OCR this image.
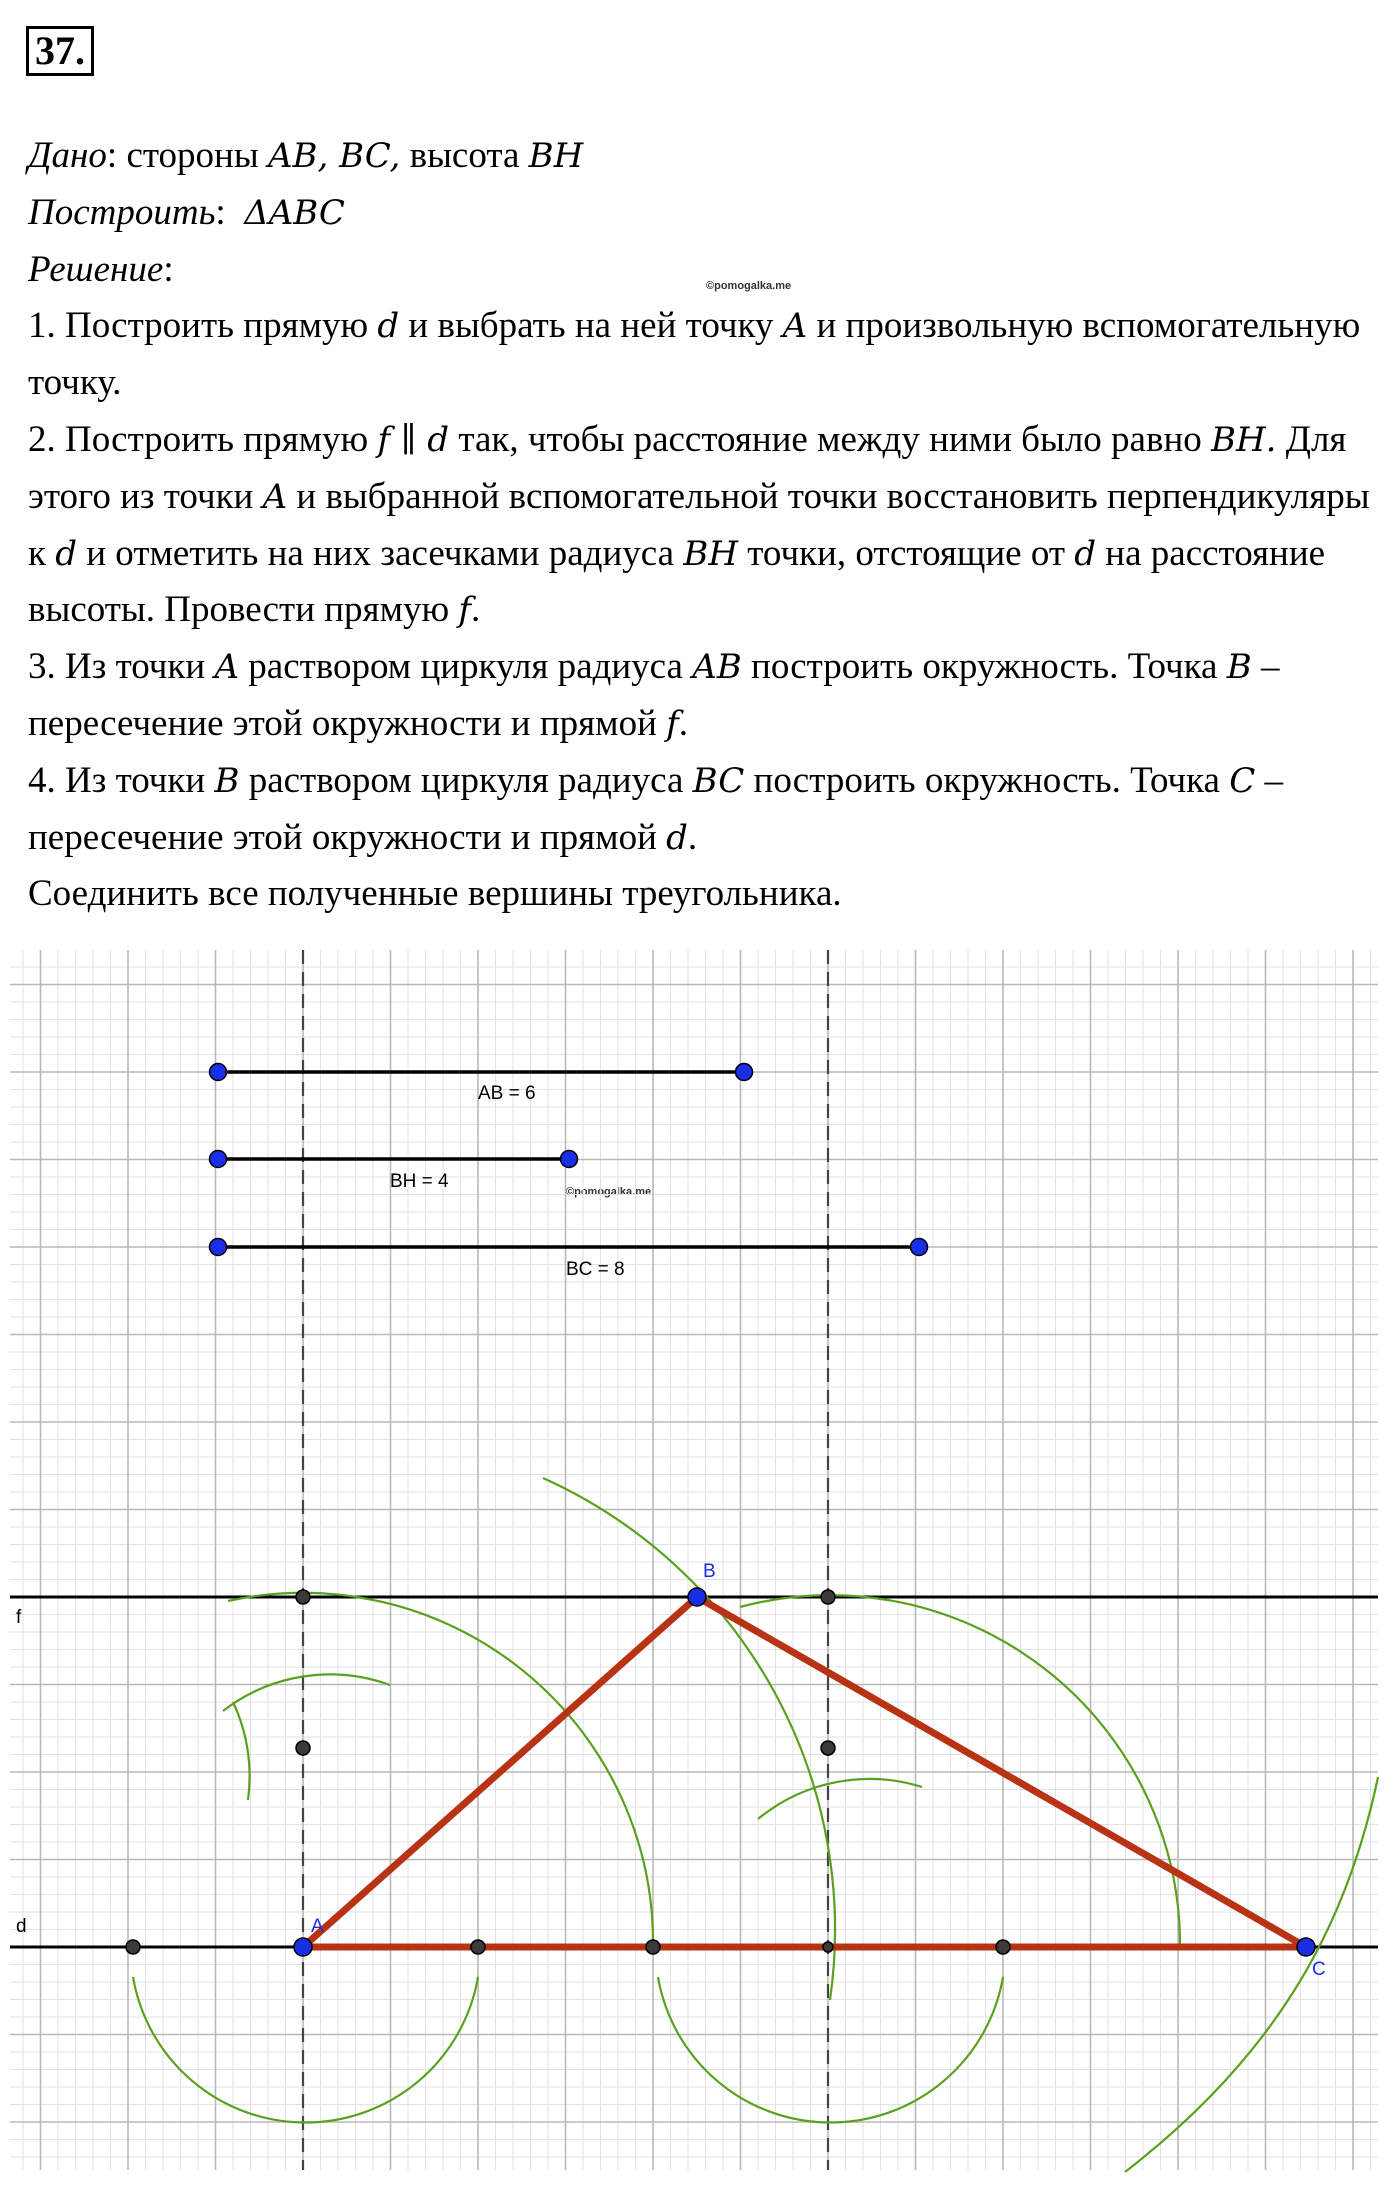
37.
©pomogalka.me
©pomogalka.me

Дано: стороны AB, BC, высота BH

Построить: ΔABC

Решение:

1. Построить прямую d и выбрать на ней точку A и произвольную вспомогательную точку.

2. Построить прямую f ∥ d так, чтобы расстояние между ними было равно BH. Для этого из точки A и выбранной вспомогательной точки восстановить перпендикуляры к d и отметить на них засечками радиуса BH точки, отстоящие от d на расстояние высоты. Провести прямую f.

3. Из точки A раствором циркуля радиуса AB построить окружность. Точка B – пересечение этой окружности и прямой f.

4. Из точки B раствором циркуля радиуса BC построить окружность. Точка C – пересечение этой окружности и прямой d.

Соединить все полученные вершины треугольника.

AB = 6
BH = 4
BC = 8
f
d	A
B
C
